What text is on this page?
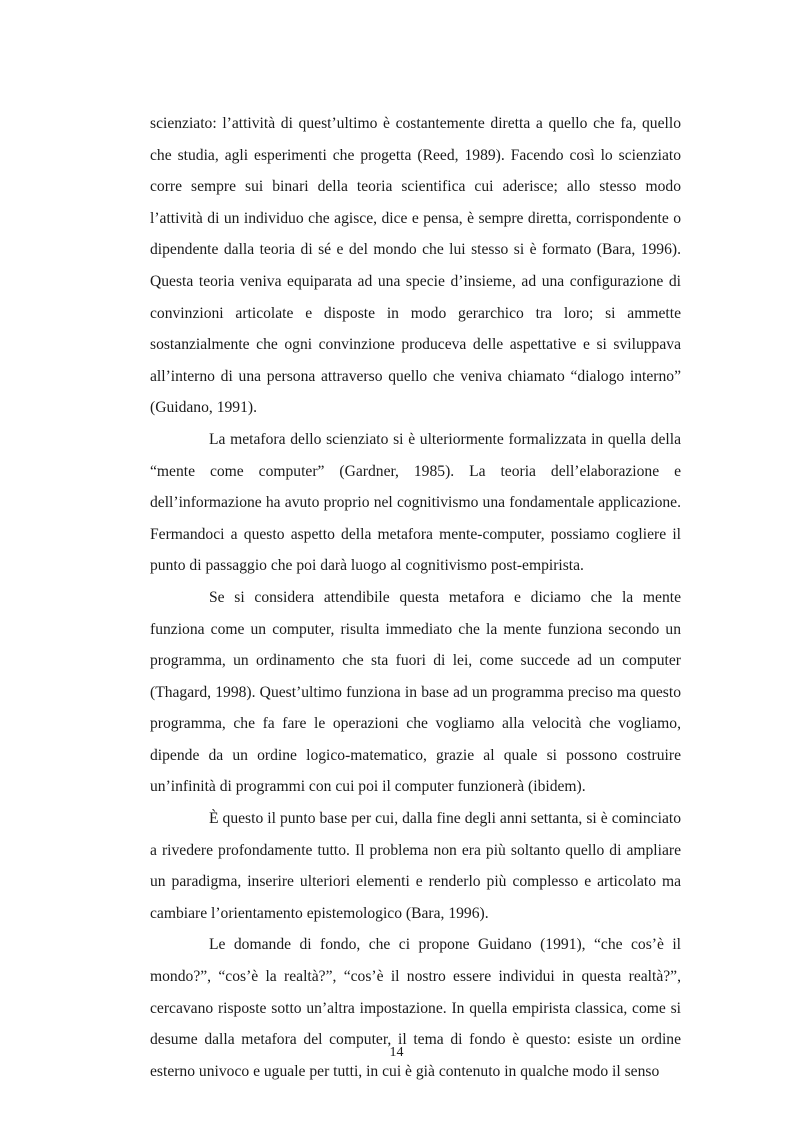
scienziato: l’attività di quest’ultimo è costantemente diretta a quello che fa, quello che studia, agli esperimenti che progetta (Reed, 1989). Facendo così lo scienziato corre sempre sui binari della teoria scientifica cui aderisce; allo stesso modo l’attività di un individuo che agisce, dice e pensa, è sempre diretta, corrispondente o dipendente dalla teoria di sé e del mondo che lui stesso si è formato (Bara, 1996). Questa teoria veniva equiparata ad una specie d’insieme, ad una configurazione di convinzioni articolate e disposte in modo gerarchico tra loro; si ammette sostanzialmente che ogni convinzione produceva delle aspettative e si sviluppava all’interno di una persona attraverso quello che veniva chiamato “dialogo interno” (Guidano, 1991).

La metafora dello scienziato si è ulteriormente formalizzata in quella della “mente come computer” (Gardner, 1985). La teoria dell’elaborazione e dell’informazione ha avuto proprio nel cognitivismo una fondamentale applicazione. Fermandoci a questo aspetto della metafora mente-computer, possiamo cogliere il punto di passaggio che poi darà luogo al cognitivismo post-empirista.

Se si considera attendibile questa metafora e diciamo che la mente funziona come un computer, risulta immediato che la mente funziona secondo un programma, un ordinamento che sta fuori di lei, come succede ad un computer (Thagard, 1998). Quest’ultimo funziona in base ad un programma preciso ma questo programma, che fa fare le operazioni che vogliamo alla velocità che vogliamo, dipende da un ordine logico-matematico, grazie al quale si possono costruire un’infinità di programmi con cui poi il computer funzionerà (ibidem).

È questo il punto base per cui, dalla fine degli anni settanta, si è cominciato a rivedere profondamente tutto. Il problema non era più soltanto quello di ampliare un paradigma, inserire ulteriori elementi e renderlo più complesso e articolato ma cambiare l’orientamento epistemologico (Bara, 1996).

Le domande di fondo, che ci propone Guidano (1991), “che cos’è il mondo?”, “cos’è la realtà?”, “cos’è il nostro essere individui in questa realtà?”, cercavano risposte sotto un’altra impostazione. In quella empirista classica, come si desume dalla metafora del computer, il tema di fondo è questo: esiste un ordine esterno univoco e uguale per tutti, in cui è già contenuto in qualche modo il senso

14
